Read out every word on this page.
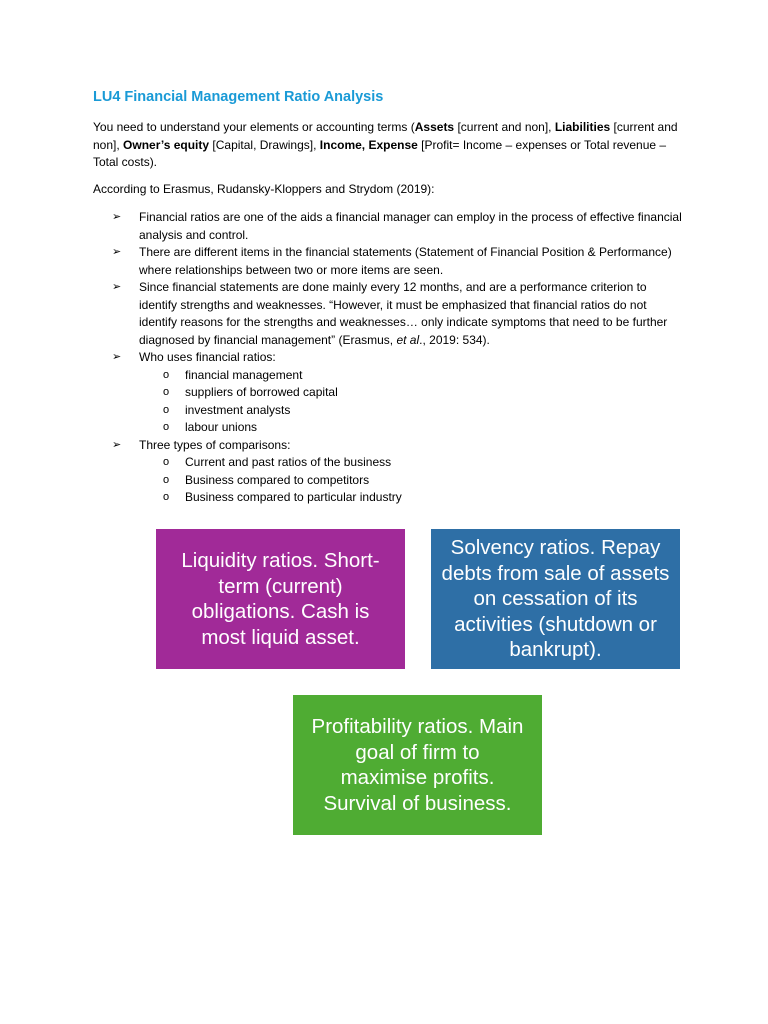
LU4 Financial Management Ratio Analysis

You need to understand your elements or accounting terms (Assets [current and non], Liabilities [current and non], Owner’s equity [Capital, Drawings], Income, Expense [Profit= Income – expenses or Total revenue – Total costs).

According to Erasmus, Rudansky-Kloppers and Strydom (2019):

➢ Financial ratios are one of the aids a financial manager can employ in the process of effective financial analysis and control.
➢ There are different items in the financial statements (Statement of Financial Position & Performance) where relationships between two or more items are seen.
➢ Since financial statements are done mainly every 12 months, and are a performance criterion to identify strengths and weaknesses. “However, it must be emphasized that financial ratios do not identify reasons for the strengths and weaknesses… only indicate symptoms that need to be further diagnosed by financial management” (Erasmus, et al., 2019: 534).
➢ Who uses financial ratios:
o financial management
o suppliers of borrowed capital
o investment analysts
o labour unions
➢ Three types of comparisons:
o Current and past ratios of the business
o Business compared to competitors
o Business compared to particular industry
Liquidity ratios. Short-term (current) obligations. Cash is most liquid asset.
Solvency ratios. Repay debts from sale of assets on cessation of its activities (shutdown or bankrupt).
Profitability ratios. Main goal of firm to maximise profits. Survival of business.
